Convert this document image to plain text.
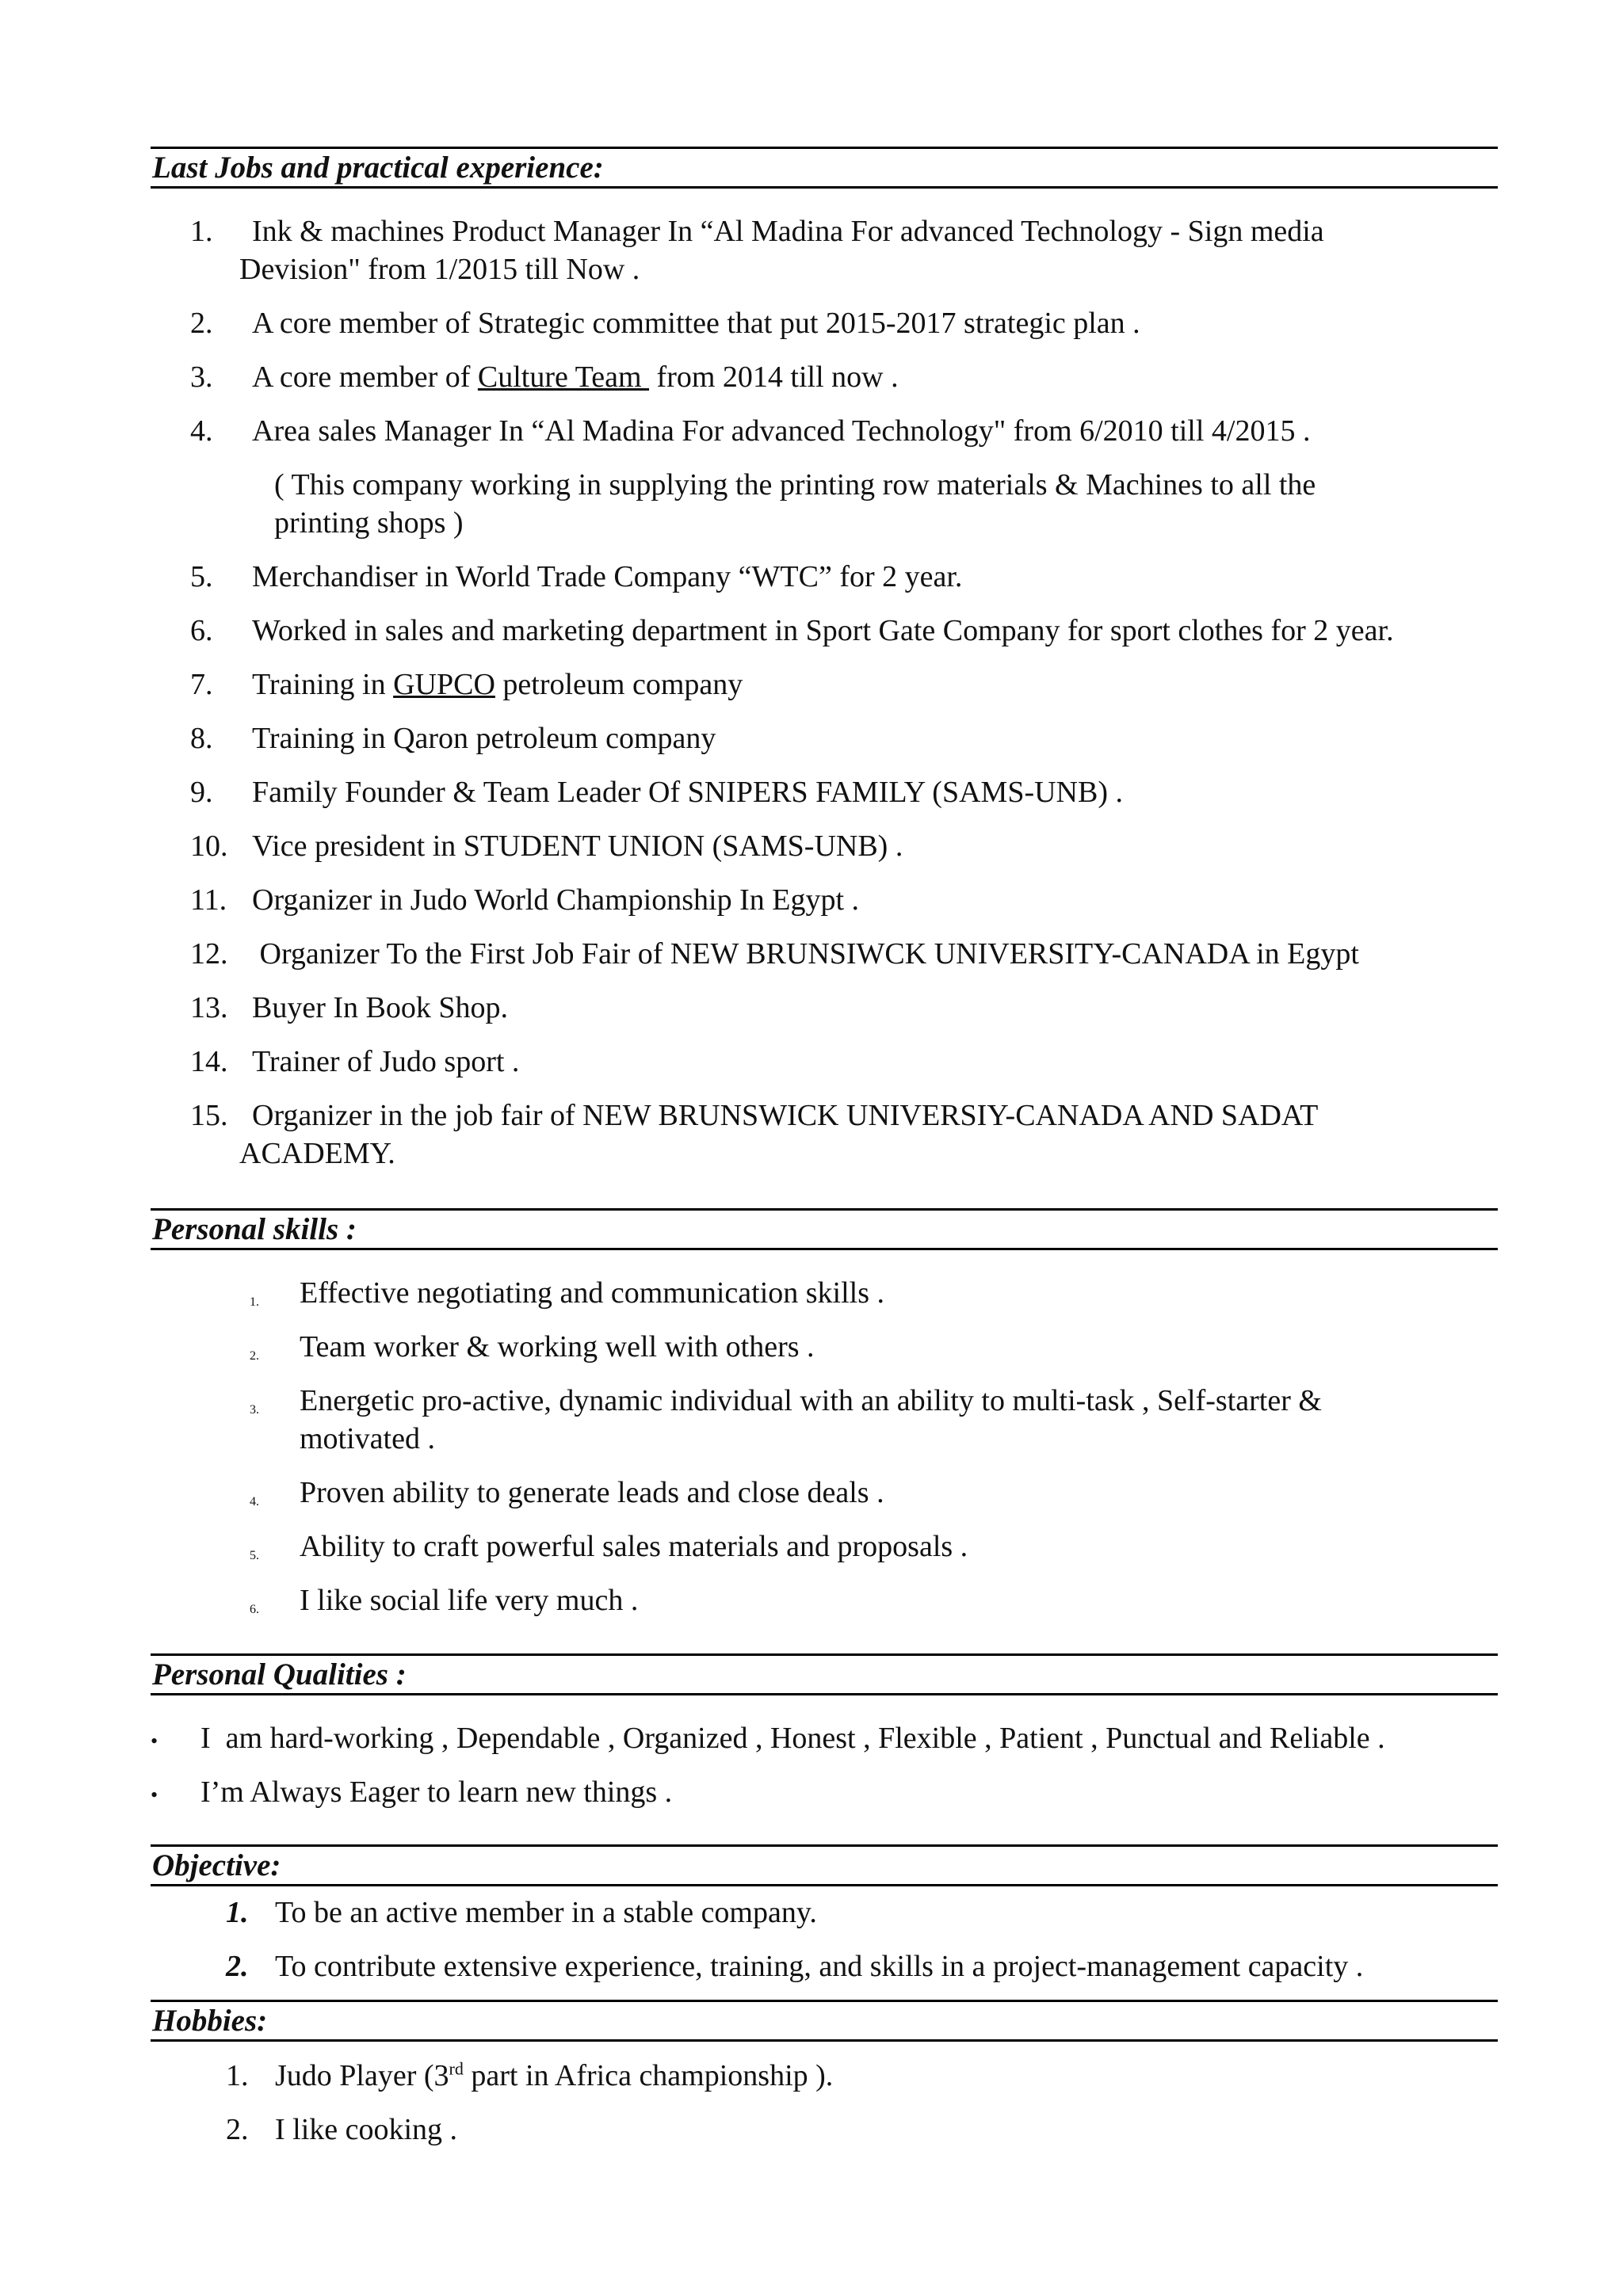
Last Jobs and practical experience:
1. Ink & machines Product Manager In “Al Madina For advanced Technology - Sign media
Devision" from 1/2015 till Now .
2. A core member of Strategic committee that put 2015-2017 strategic plan .
3. A core member of Culture Team  from 2014 till now .
4. Area sales Manager In “Al Madina For advanced Technology" from 6/2010 till 4/2015 .
( This company working in supplying the printing row materials & Machines to all the
printing shops )
5. Merchandiser in World Trade Company “WTC” for 2 year.
6. Worked in sales and marketing department in Sport Gate Company for sport clothes for 2 year.
7. Training in GUPCO petroleum company
8. Training in Qaron petroleum company
9. Family Founder & Team Leader Of SNIPERS FAMILY (SAMS-UNB) .
10. Vice president in STUDENT UNION (SAMS-UNB) .
11. Organizer in Judo World Championship In Egypt .
12. Organizer To the First Job Fair of NEW BRUNSIWCK UNIVERSITY-CANADA in Egypt
13. Buyer In Book Shop.
14. Trainer of Judo sport .
15. Organizer in the job fair of NEW BRUNSWICK UNIVERSIY-CANADA AND SADAT
ACADEMY.
Personal skills :
1. Effective negotiating and communication skills .
2. Team worker & working well with others .
3. Energetic pro-active, dynamic individual with an ability to multi-task , Self-starter &
motivated .
4. Proven ability to generate leads and close deals .
5. Ability to craft powerful sales materials and proposals .
6. I like social life very much .
Personal Qualities :
• I  am hard-working , Dependable , Organized , Honest , Flexible , Patient , Punctual and Reliable .
• I’m Always Eager to learn new things .
Objective:
1. To be an active member in a stable company.
2. To contribute extensive experience, training, and skills in a project-management capacity .
Hobbies:
1. Judo Player (3rd part in Africa championship ).
2. I like cooking .
